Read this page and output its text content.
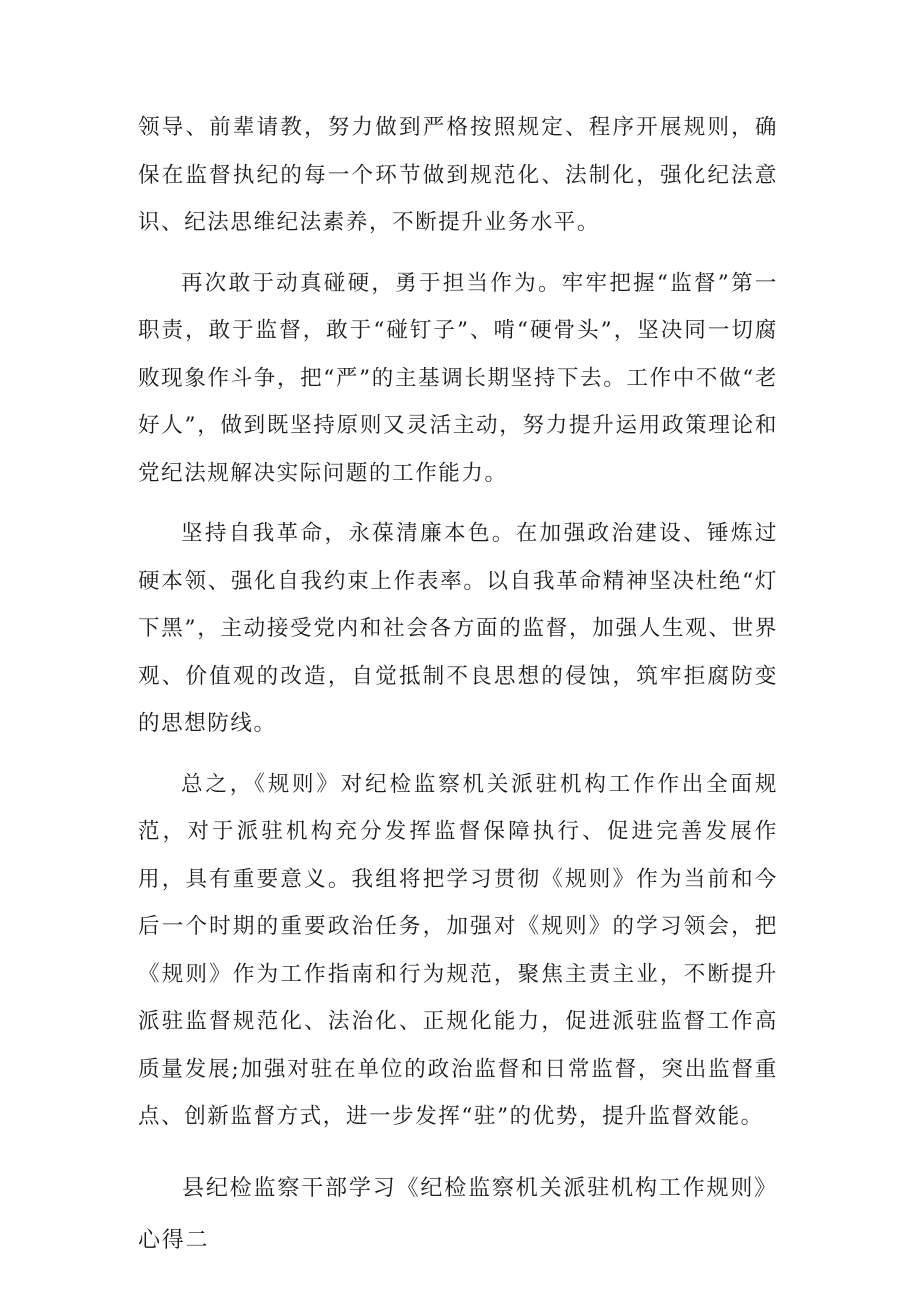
领导、前辈请教，努力做到严格按照规定、程序开展规则，确保在监督执纪的每一个环节做到规范化、法制化，强化纪法意识、纪法思维纪法素养，不断提升业务水平。

再次敢于动真碰硬，勇于担当作为。牢牢把握“监督”第一职责，敢于监督，敢于“碰钉子”、啃“硬骨头”，坚决同一切腐败现象作斗争，把“严”的主基调长期坚持下去。工作中不做“老好人”，做到既坚持原则又灵活主动，努力提升运用政策理论和党纪法规解决实际问题的工作能力。

坚持自我革命，永葆清廉本色。在加强政治建设、锤炼过硬本领、强化自我约束上作表率。以自我革命精神坚决杜绝“灯下黑”，主动接受党内和社会各方面的监督，加强人生观、世界观、价值观的改造，自觉抵制不良思想的侵蚀，筑牢拒腐防变的思想防线。

总之，《规则》对纪检监察机关派驻机构工作作出全面规范，对于派驻机构充分发挥监督保障执行、促进完善发展作用，具有重要意义。我组将把学习贯彻《规则》作为当前和今后一个时期的重要政治任务，加强对《规则》的学习领会，把《规则》作为工作指南和行为规范，聚焦主责主业，不断提升派驻监督规范化、法治化、正规化能力，促进派驻监督工作高质量发展;加强对驻在单位的政治监督和日常监督，突出监督重点、创新监督方式，进一步发挥“驻”的优势，提升监督效能。

县纪检监察干部学习《纪检监察机关派驻机构工作规则》心得二
